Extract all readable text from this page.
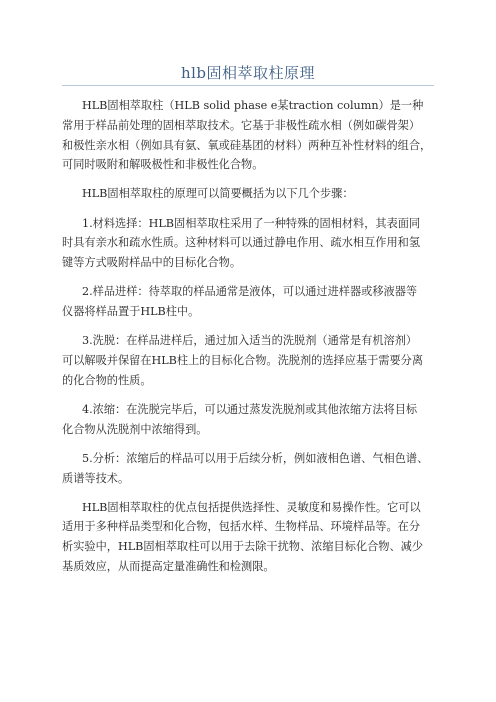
hlb固相萃取柱原理

HLB固相萃取柱（HLB solid phase e某traction column）是一种
常用于样品前处理的固相萃取技术。它基于非极性疏水相（例如碳骨架）
和极性亲水相（例如具有氨、氧或硅基团的材料）两种互补性材料的组合，
可同时吸附和解吸极性和非极性化合物。

HLB固相萃取柱的原理可以简要概括为以下几个步骤：

1.材料选择：HLB固相萃取柱采用了一种特殊的固相材料，其表面同
时具有亲水和疏水性质。这种材料可以通过静电作用、疏水相互作用和氢
键等方式吸附样品中的目标化合物。

2.样品进样：待萃取的样品通常是液体，可以通过进样器或移液器等
仪器将样品置于HLB柱中。

3.洗脱：在样品进样后，通过加入适当的洗脱剂（通常是有机溶剂）
可以解吸并保留在HLB柱上的目标化合物。洗脱剂的选择应基于需要分离
的化合物的性质。

4.浓缩：在洗脱完毕后，可以通过蒸发洗脱剂或其他浓缩方法将目标
化合物从洗脱剂中浓缩得到。

5.分析：浓缩后的样品可以用于后续分析，例如液相色谱、气相色谱、
质谱等技术。

HLB固相萃取柱的优点包括提供选择性、灵敏度和易操作性。它可以
适用于多种样品类型和化合物，包括水样、生物样品、环境样品等。在分
析实验中，HLB固相萃取柱可以用于去除干扰物、浓缩目标化合物、减少
基质效应，从而提高定量准确性和检测限。
